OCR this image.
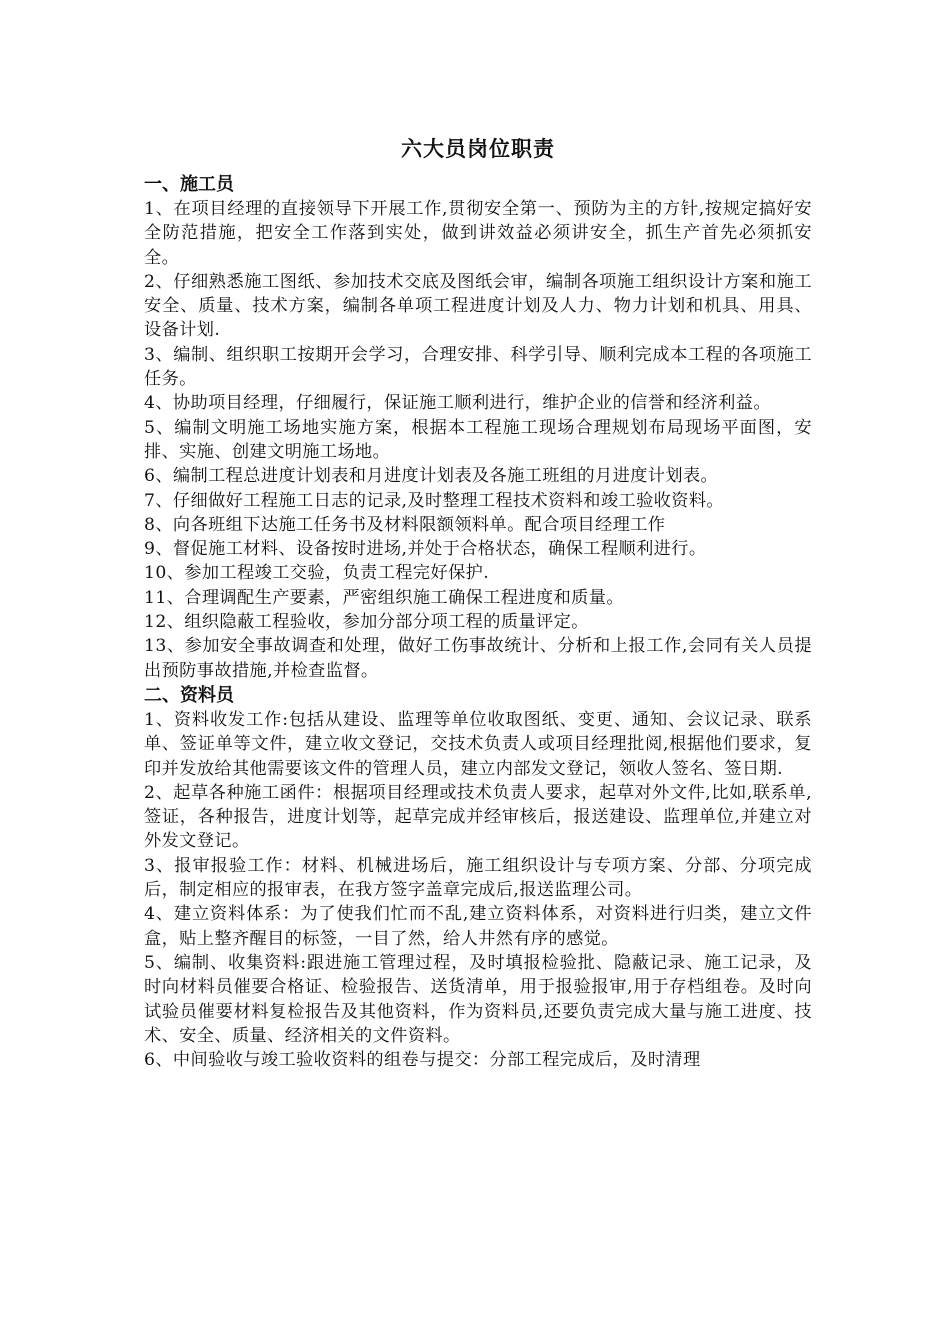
六大员岗位职责
一、施工员

1、在项目经理的直接领导下开展工作,贯彻安全第一、预防为主的方针,按规定搞好安全防范措施，把安全工作落到实处，做到讲效益必须讲安全，抓生产首先必须抓安全。

2、仔细熟悉施工图纸、参加技术交底及图纸会审，编制各项施工组织设计方案和施工安全、质量、技术方案，编制各单项工程进度计划及人力、物力计划和机具、用具、设备计划.

3、编制、组织职工按期开会学习，合理安排、科学引导、顺利完成本工程的各项施工任务。

4、协助项目经理，仔细履行，保证施工顺利进行，维护企业的信誉和经济利益。

5、编制文明施工场地实施方案，根据本工程施工现场合理规划布局现场平面图，安排、实施、创建文明施工场地。

6、编制工程总进度计划表和月进度计划表及各施工班组的月进度计划表。

7、仔细做好工程施工日志的记录,及时整理工程技术资料和竣工验收资料。

8、向各班组下达施工任务书及材料限额领料单。配合项目经理工作

9、督促施工材料、设备按时进场,并处于合格状态，确保工程顺利进行。

10、参加工程竣工交验，负责工程完好保护.

11、合理调配生产要素，严密组织施工确保工程进度和质量。

12、组织隐蔽工程验收，参加分部分项工程的质量评定。

13、参加安全事故调查和处理，做好工伤事故统计、分析和上报工作,会同有关人员提出预防事故措施,并检查监督。

二、资料员

1、资料收发工作:包括从建设、监理等单位收取图纸、变更、通知、会议记录、联系单、签证单等文件，建立收文登记，交技术负责人或项目经理批阅,根据他们要求，复印并发放给其他需要该文件的管理人员，建立内部发文登记，领收人签名、签日期.

2、起草各种施工函件：根据项目经理或技术负责人要求，起草对外文件,比如,联系单,签证，各种报告，进度计划等，起草完成并经审核后，报送建设、监理单位,并建立对外发文登记。

3、报审报验工作：材料、机械进场后，施工组织设计与专项方案、分部、分项完成后，制定相应的报审表，在我方签字盖章完成后,报送监理公司。

4、建立资料体系：为了使我们忙而不乱,建立资料体系，对资料进行归类，建立文件盒，贴上整齐醒目的标签，一目了然，给人井然有序的感觉。

5、编制、收集资料:跟进施工管理过程，及时填报检验批、隐蔽记录、施工记录，及时向材料员催要合格证、检验报告、送货清单，用于报验报审,用于存档组卷。及时向试验员催要材料复检报告及其他资料，作为资料员,还要负责完成大量与施工进度、技术、安全、质量、经济相关的文件资料。

6、中间验收与竣工验收资料的组卷与提交：分部工程完成后，及时清理
